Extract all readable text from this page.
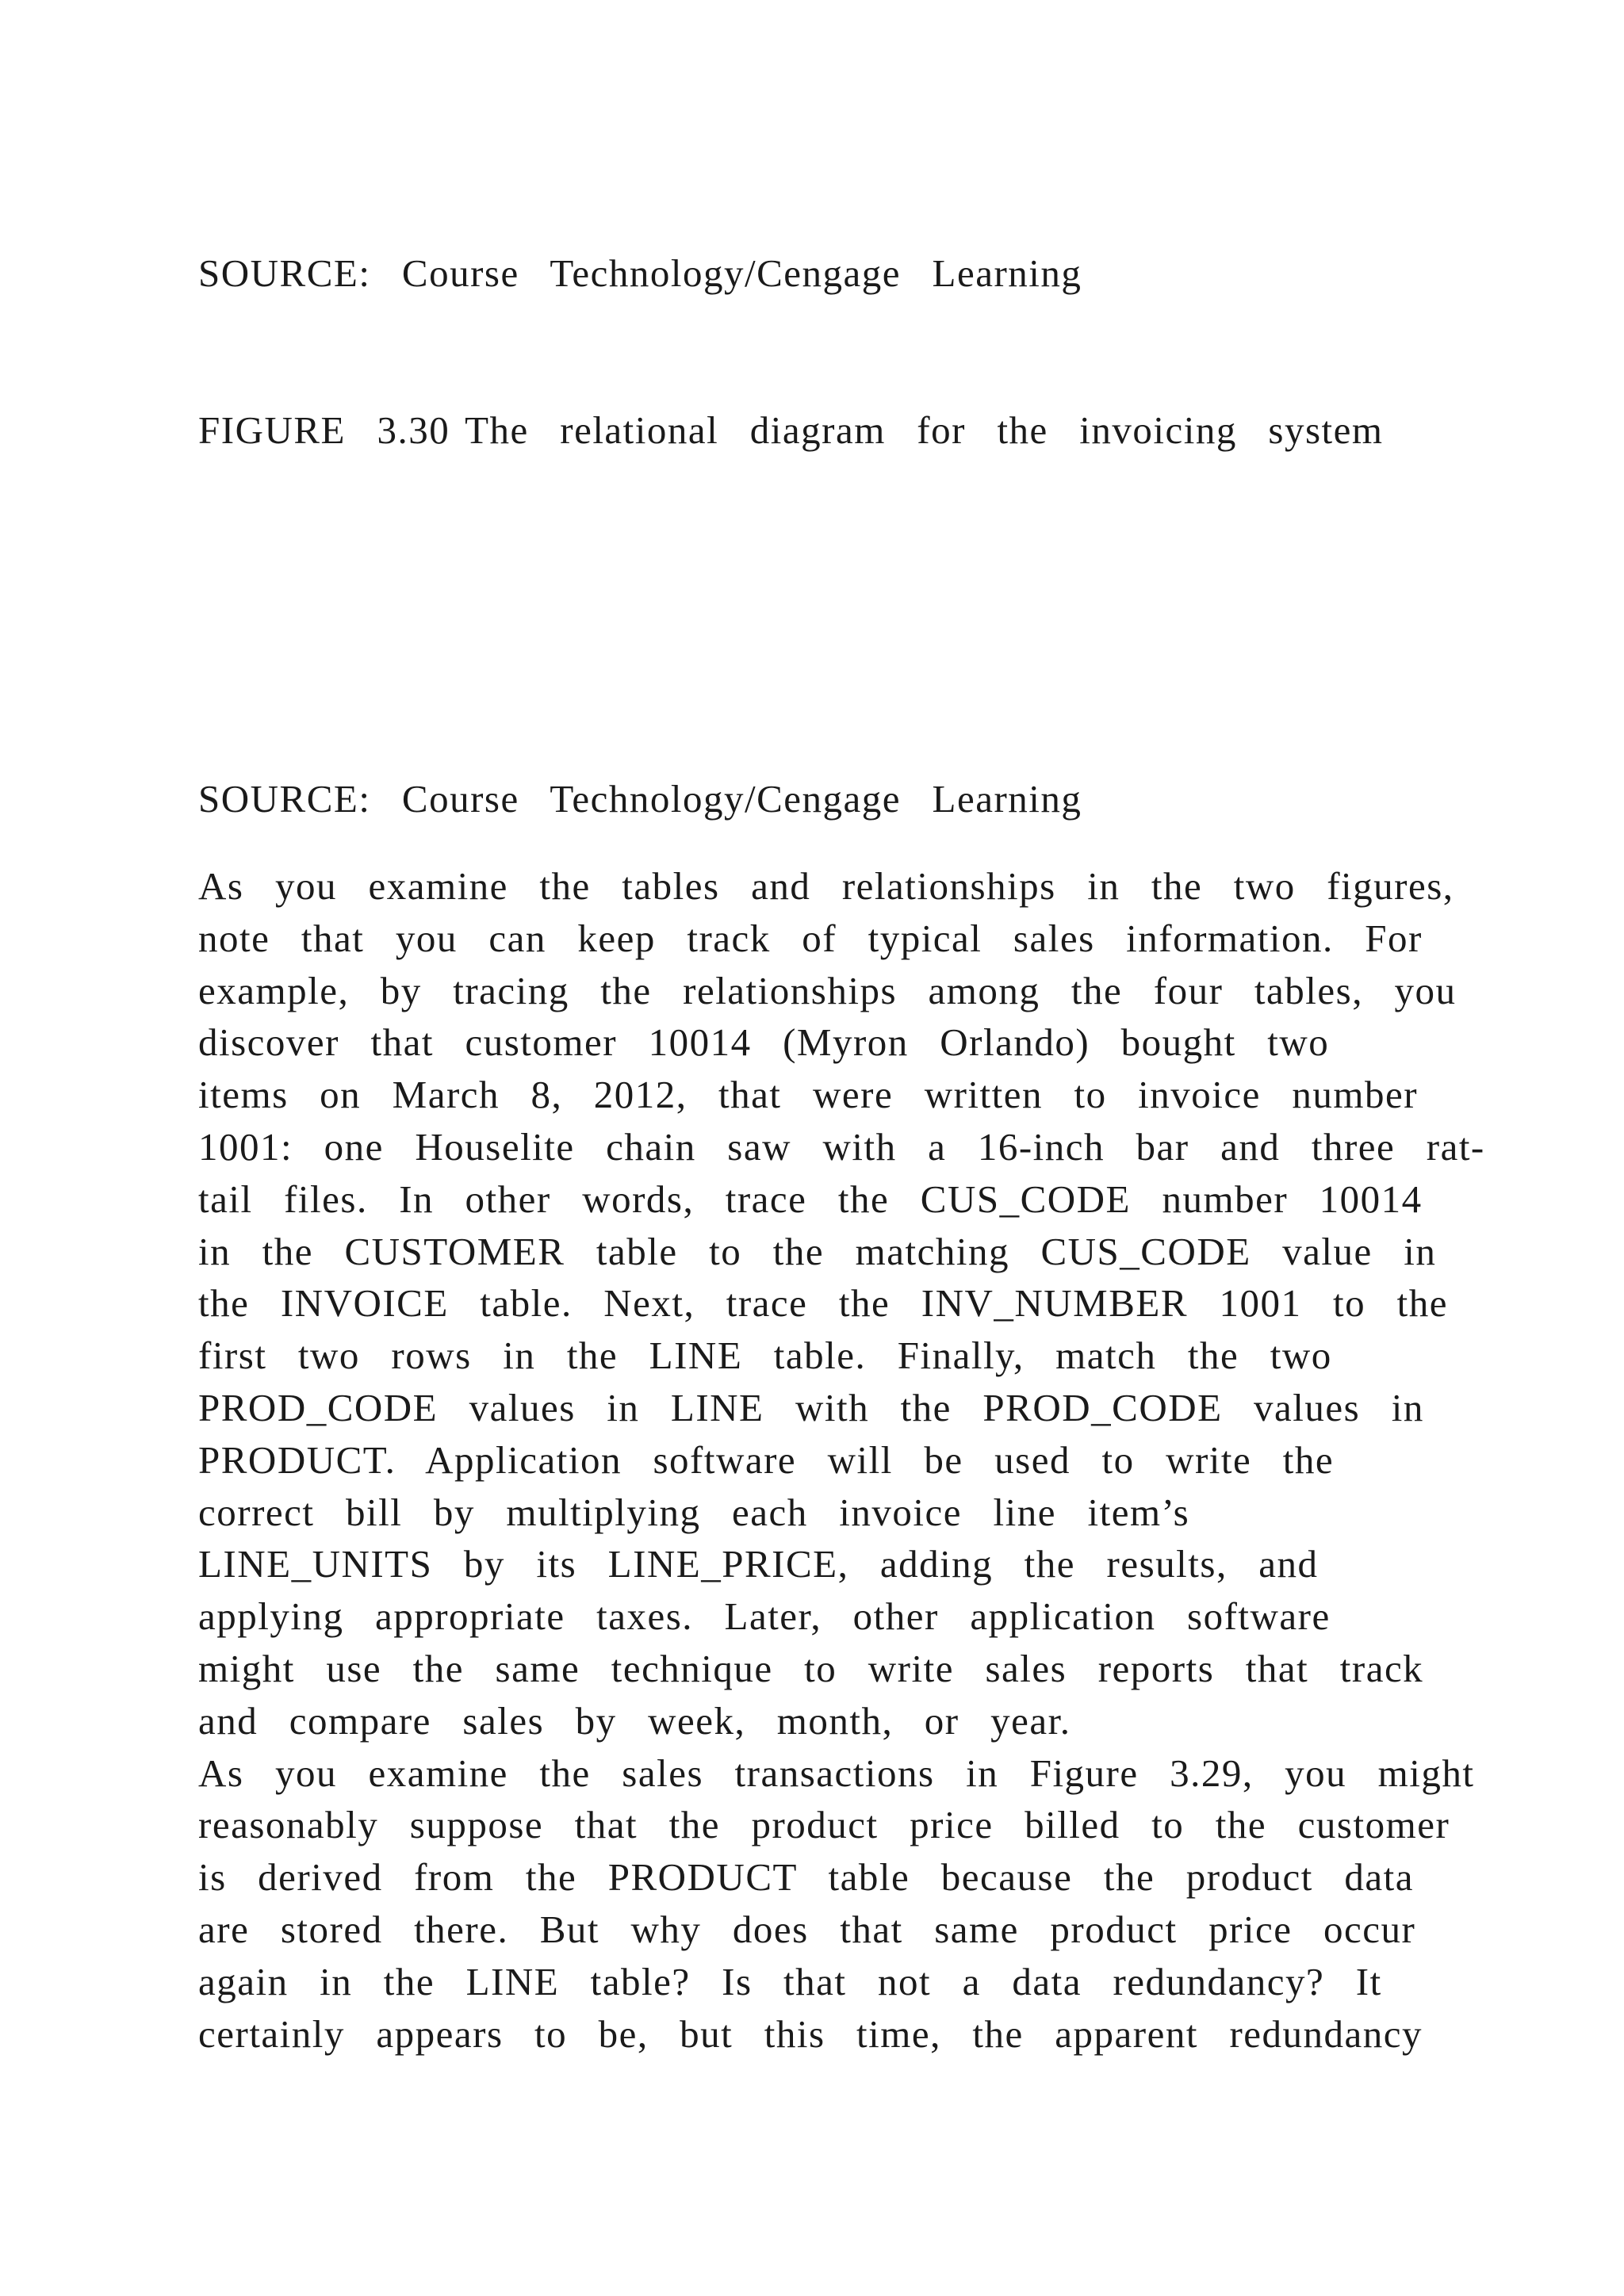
SOURCE:  Course  Technology/Cengage  Learning
FIGURE  3.30 The  relational  diagram  for  the  invoicing  system
SOURCE:  Course  Technology/Cengage  Learning
As  you  examine  the  tables  and  relationships  in  the  two  figures,
note  that  you  can  keep  track  of  typical  sales  information.  For
example,  by  tracing  the  relationships  among  the  four  tables,  you
discover  that  customer  10014  (Myron  Orlando)  bought  two
items  on  March  8,  2012,  that  were  written  to  invoice  number
1001:  one  Houselite  chain  saw  with  a  16-inch  bar  and  three  rat-
tail  files.  In  other  words,  trace  the  CUS_CODE  number  10014
in  the  CUSTOMER  table  to  the  matching  CUS_CODE  value  in
the  INVOICE  table.  Next,  trace  the  INV_NUMBER  1001  to  the
first  two  rows  in  the  LINE  table.  Finally,  match  the  two
PROD_CODE  values  in  LINE  with  the  PROD_CODE  values  in
PRODUCT.  Application  software  will  be  used  to  write  the
correct  bill  by  multiplying  each  invoice  line  item’s
LINE_UNITS  by  its  LINE_PRICE,  adding  the  results,  and
applying  appropriate  taxes.  Later,  other  application  software
might  use  the  same  technique  to  write  sales  reports  that  track
and  compare  sales  by  week,  month,  or  year.
As  you  examine  the  sales  transactions  in  Figure  3.29,  you  might
reasonably  suppose  that  the  product  price  billed  to  the  customer
is  derived  from  the  PRODUCT  table  because  the  product  data
are  stored  there.  But  why  does  that  same  product  price  occur
again  in  the  LINE  table?  Is  that  not  a  data  redundancy?  It
certainly  appears  to  be,  but  this  time,  the  apparent  redundancy
